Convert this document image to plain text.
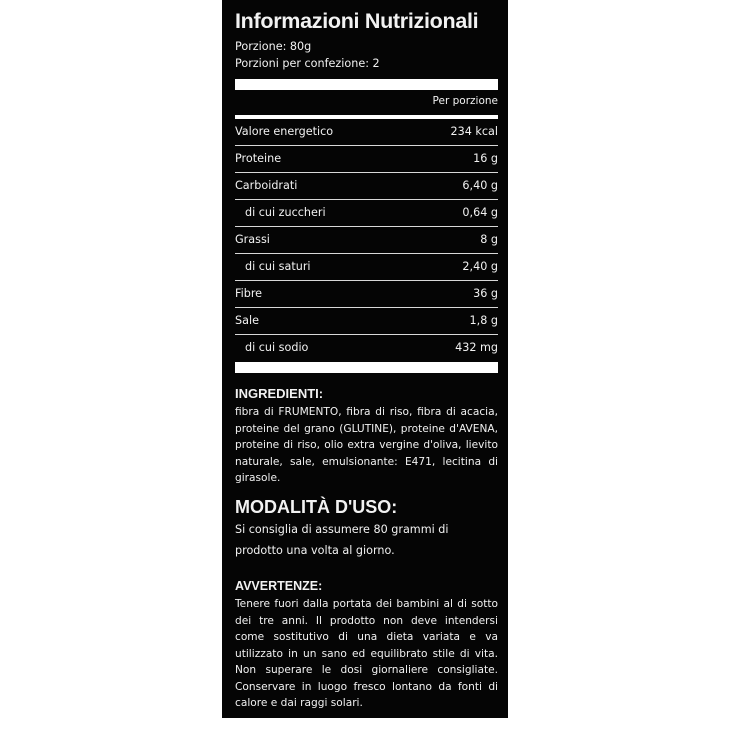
Informazioni Nutrizionali
Porzione: 80g
Porzioni per confezione: 2
Per porzione
Valore energetico	234 kcal
Proteine	16 g
Carboidrati	6,40 g
di cui zuccheri	0,64 g
Grassi	8 g
di cui saturi	2,40 g
Fibre	36 g
Sale	1,8 g
di cui sodio	432 mg
INGREDIENTI:
fibra di FRUMENTO, fibra di riso, fibra di acacia, proteine del grano (GLUTINE), proteine d'AVENA, proteine di riso, olio extra vergine d'oliva, lievito naturale, sale, emulsionante: E471, lecitina di girasole.
MODALITÀ D'USO:
Si consiglia di assumere 80 grammi di prodotto una volta al giorno.
AVVERTENZE:
Tenere fuori dalla portata dei bambini al di sotto dei tre anni. Il prodotto non deve intendersi come sostitutivo di una dieta variata e va utilizzato in un sano ed equilibrato stile di vita. Non superare le dosi giornaliere consigliate. Conservare in luogo fresco lontano da fonti di calore e dai raggi solari.
